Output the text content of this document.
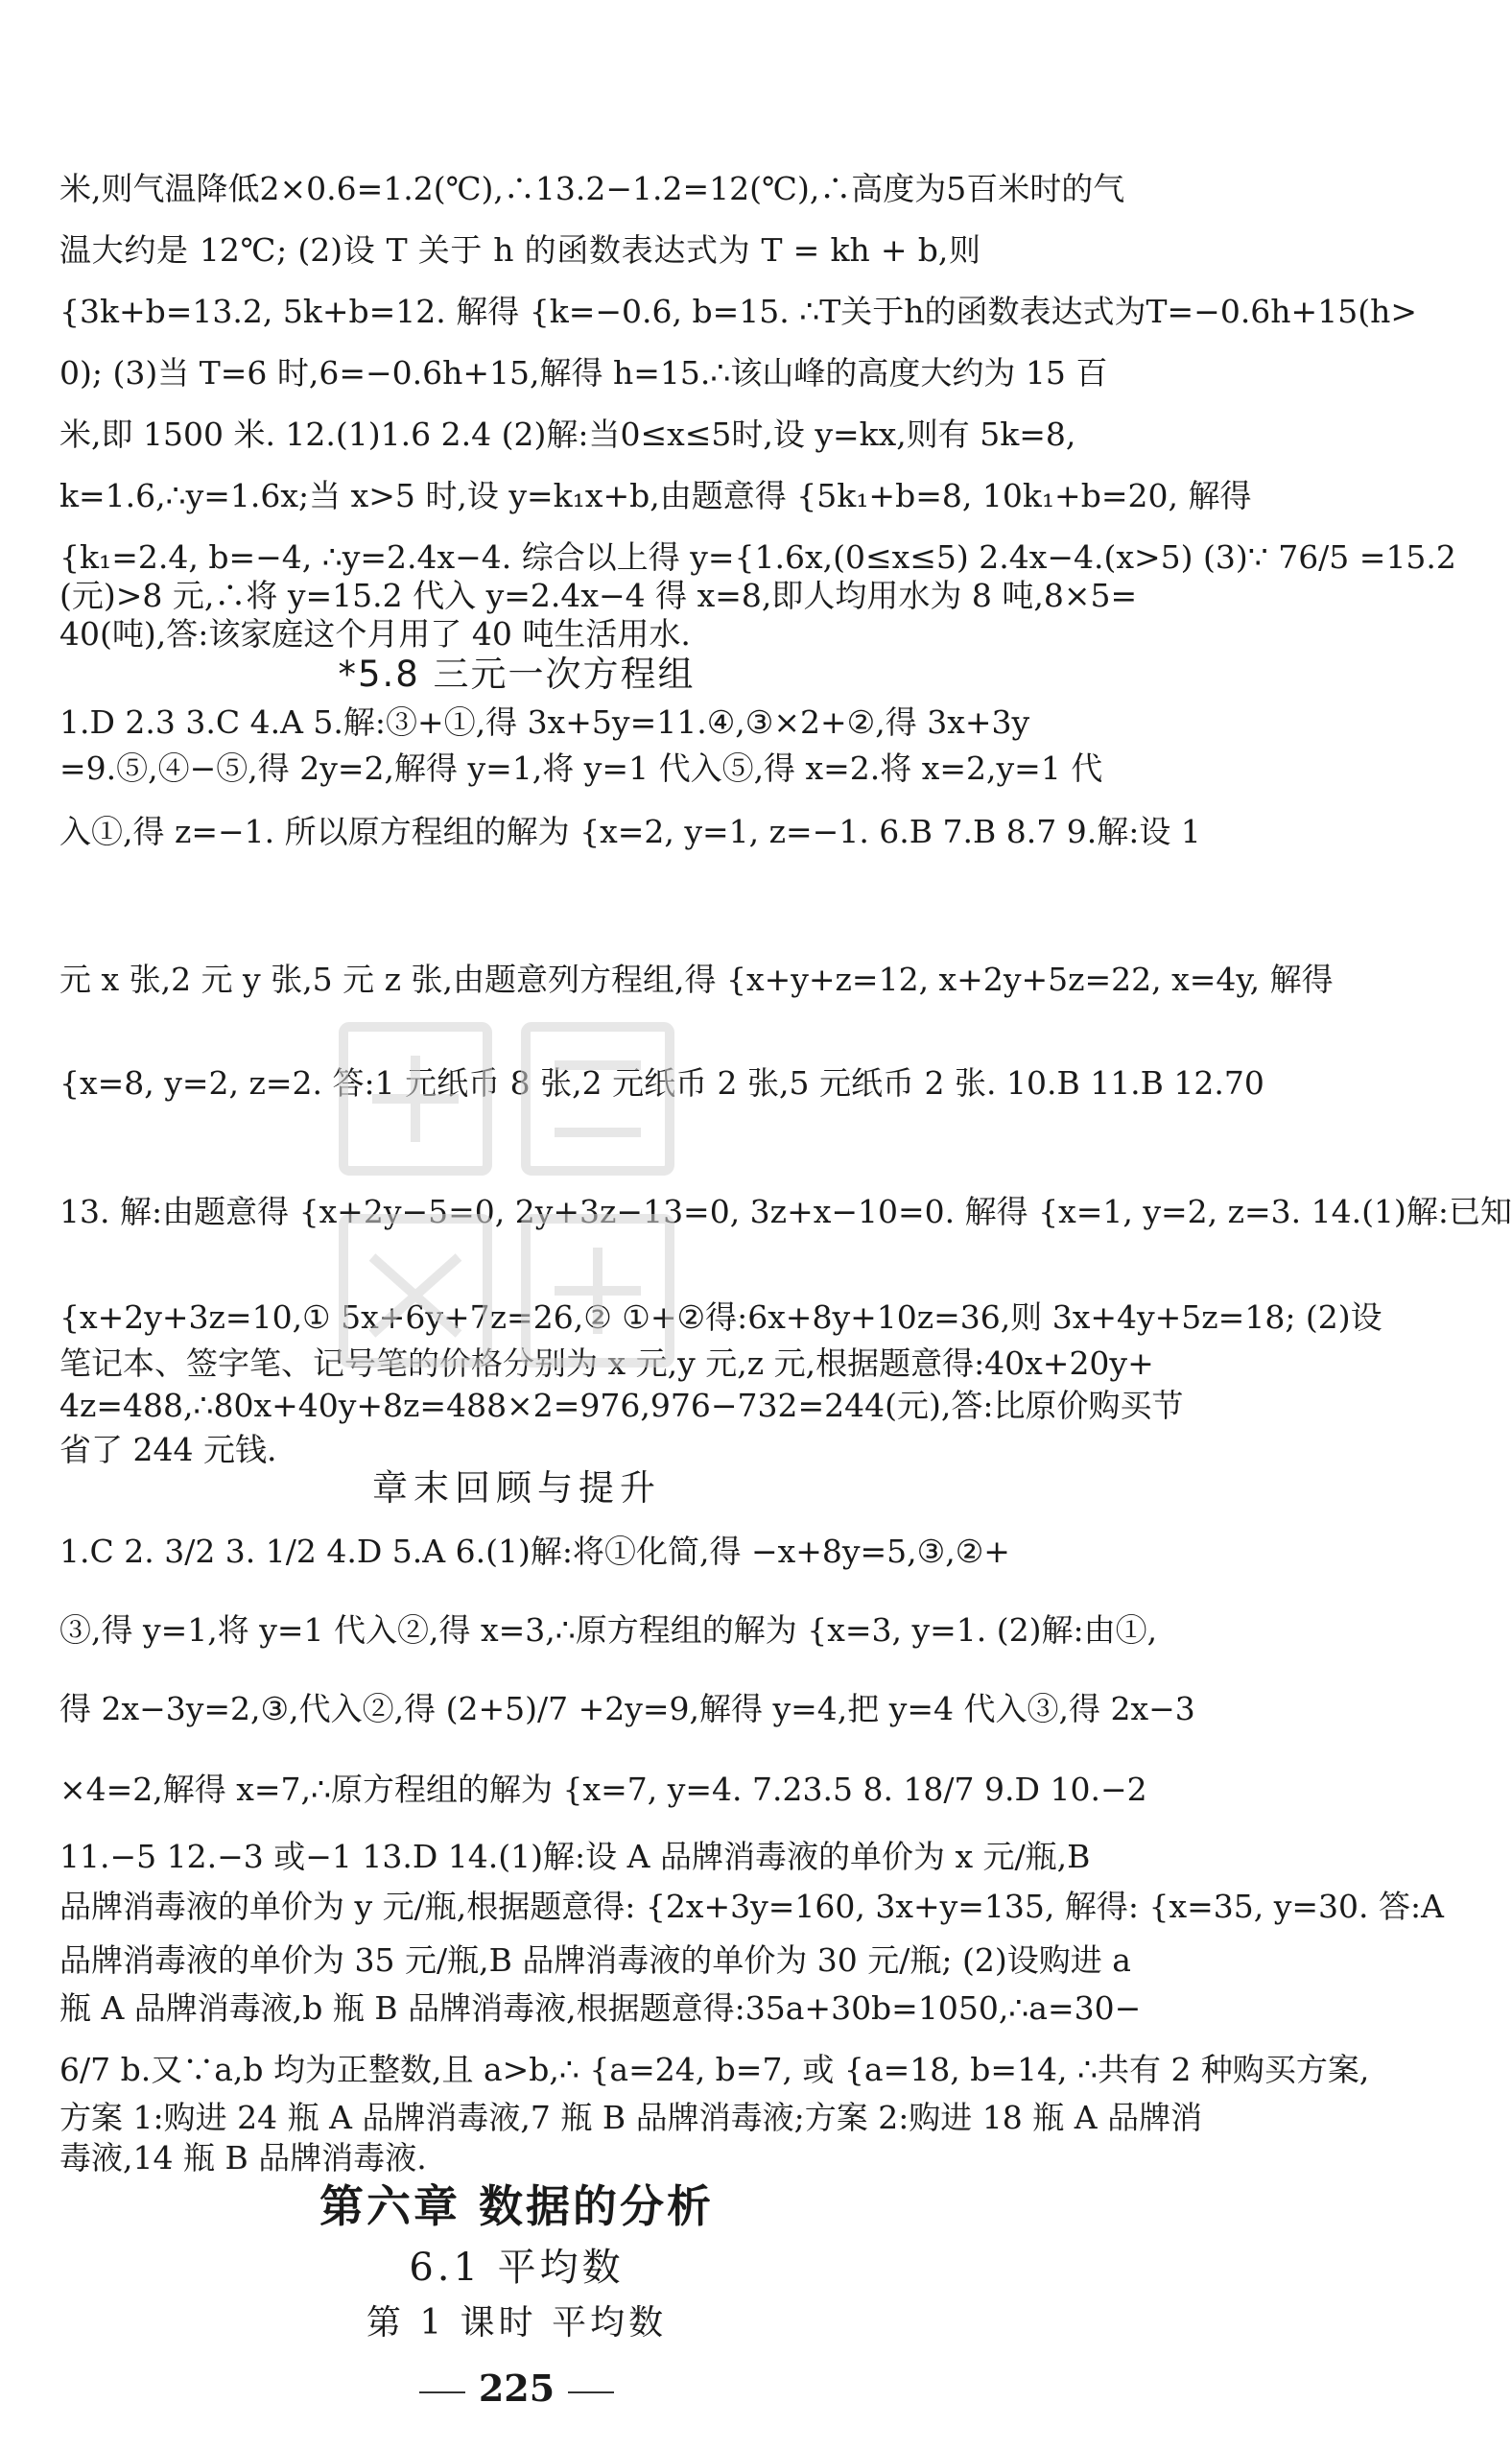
米,则气温降低2×0.6=1.2(℃),∴13.2−1.2=12(℃),∴高度为5百米时的气
温大约是 12℃; (2)设 T 关于 h 的函数表达式为 T = kh + b,则
{3k+b=13.2, 5k+b=12. 解得 {k=−0.6, b=15. ∴T关于h的函数表达式为T=−0.6h+15(h>
0); (3)当 T=6 时,6=−0.6h+15,解得 h=15.∴该山峰的高度大约为 15 百
米,即 1500 米. 12.(1)1.6 2.4 (2)解:当0≤x≤5时,设 y=kx,则有 5k=8,
k=1.6,∴y=1.6x;当 x>5 时,设 y=k₁x+b,由题意得 {5k₁+b=8, 10k₁+b=20, 解得
{k₁=2.4, b=−4, ∴y=2.4x−4. 综合以上得 y={1.6x,(0≤x≤5) 2.4x−4.(x>5) (3)∵ 76/5 =15.2
(元)>8 元,∴将 y=15.2 代入 y=2.4x−4 得 x=8,即人均用水为 8 吨,8×5=
40(吨),答:该家庭这个月用了 40 吨生活用水.
*5.8 三元一次方程组
1.D 2.3 3.C 4.A 5.解:③+①,得 3x+5y=11.④,③×2+②,得 3x+3y
=9.⑤,④−⑤,得 2y=2,解得 y=1,将 y=1 代入⑤,得 x=2.将 x=2,y=1 代
入①,得 z=−1. 所以原方程组的解为 {x=2, y=1, z=−1. 6.B 7.B 8.7 9.解:设 1
元 x 张,2 元 y 张,5 元 z 张,由题意列方程组,得 {x+y+z=12, x+2y+5z=22, x=4y, 解得
{x=8, y=2, z=2. 答:1 元纸币 8 张,2 元纸币 2 张,5 元纸币 2 张. 10.B 11.B 12.70
13. 解:由题意得 {x+2y−5=0, 2y+3z−13=0, 3z+x−10=0. 解得 {x=1, y=2, z=3. 14.(1)解:已知
{x+2y+3z=10,① 5x+6y+7z=26,② ①+②得:6x+8y+10z=36,则 3x+4y+5z=18; (2)设
笔记本、签字笔、记号笔的价格分别为 x 元,y 元,z 元,根据题意得:40x+20y+
4z=488,∴80x+40y+8z=488×2=976,976−732=244(元),答:比原价购买节
省了 244 元钱.
章末回顾与提升
1.C 2. 3/2 3. 1/2 4.D 5.A 6.(1)解:将①化简,得 −x+8y=5,③,②+
③,得 y=1,将 y=1 代入②,得 x=3,∴原方程组的解为 {x=3, y=1. (2)解:由①,
得 2x−3y=2,③,代入②,得 (2+5)/7 +2y=9,解得 y=4,把 y=4 代入③,得 2x−3
×4=2,解得 x=7,∴原方程组的解为 {x=7, y=4. 7.23.5 8. 18/7 9.D 10.−2
11.−5 12.−3 或−1 13.D 14.(1)解:设 A 品牌消毒液的单价为 x 元/瓶,B
品牌消毒液的单价为 y 元/瓶,根据题意得: {2x+3y=160, 3x+y=135, 解得: {x=35, y=30. 答:A
品牌消毒液的单价为 35 元/瓶,B 品牌消毒液的单价为 30 元/瓶; (2)设购进 a
瓶 A 品牌消毒液,b 瓶 B 品牌消毒液,根据题意得:35a+30b=1050,∴a=30−
6/7 b.又∵a,b 均为正整数,且 a>b,∴ {a=24, b=7, 或 {a=18, b=14, ∴共有 2 种购买方案,
方案 1:购进 24 瓶 A 品牌消毒液,7 瓶 B 品牌消毒液;方案 2:购进 18 瓶 A 品牌消
毒液,14 瓶 B 品牌消毒液.
第六章 数据的分析
6.1 平均数
第 1 课时 平均数
225
